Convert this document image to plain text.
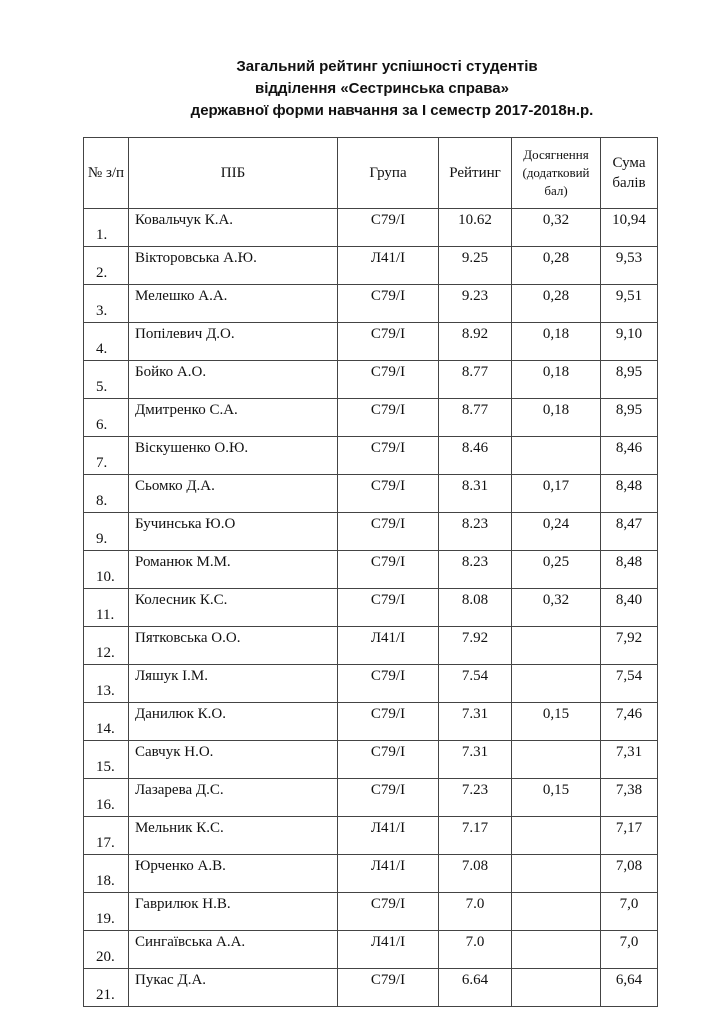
Загальний рейтинг успішності студентів
відділення «Сестринська справа»
державної форми навчання за І семестр 2017-2018н.р.
№ з/п	ПІБ	Група	Рейтинг	Досягнення (додатковий бал)	Сума балів
1.	Ковальчук К.А.	С79/І	10.62	0,32	10,94
2.	Вікторовська А.Ю.	Л41/І	9.25	0,28	9,53
3.	Мелешко А.А.	С79/І	9.23	0,28	9,51
4.	Попілевич Д.О.	С79/І	8.92	0,18	9,10
5.	Бойко А.О.	С79/І	8.77	0,18	8,95
6.	Дмитренко С.А.	С79/І	8.77	0,18	8,95
7.	Віскушенко О.Ю.	С79/І	8.46		8,46
8.	Сьомко Д.А.	С79/І	8.31	0,17	8,48
9.	Бучинська Ю.О	С79/І	8.23	0,24	8,47
10.	Романюк М.М.	С79/І	8.23	0,25	8,48
11.	Колесник К.С.	С79/І	8.08	0,32	8,40
12.	Пятковська О.О.	Л41/І	7.92		7,92
13.	Ляшук І.М.	С79/І	7.54		7,54
14.	Данилюк К.О.	С79/І	7.31	0,15	7,46
15.	Савчук Н.О.	С79/І	7.31		7,31
16.	Лазарева Д.С.	С79/І	7.23	0,15	7,38
17.	Мельник К.С.	Л41/І	7.17		7,17
18.	Юрченко А.В.	Л41/І	7.08		7,08
19.	Гаврилюк Н.В.	С79/І	7.0		7,0
20.	Сингаївська А.А.	Л41/І	7.0		7,0
21.	Пукас Д.А.	С79/І	6.64		6,64
